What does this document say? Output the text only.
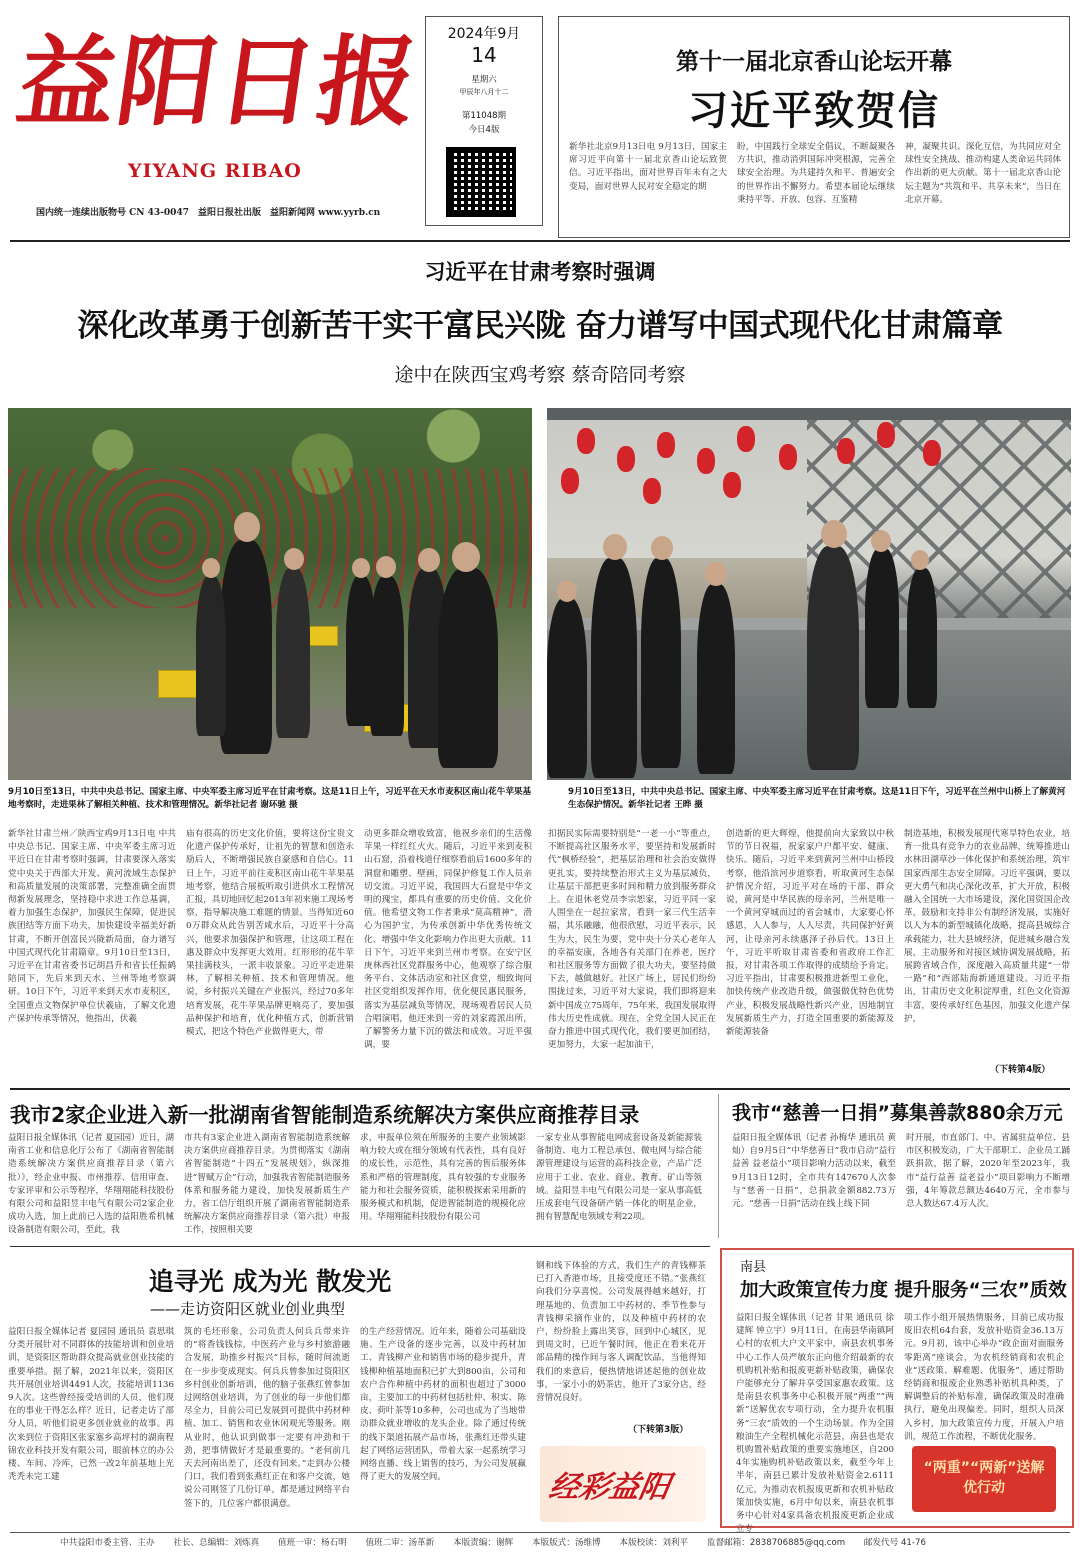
益
阳
日
报
YIYANG RIBAO
国内统一连续出版物号 CN 43-0047　益阳日报社出版　益阳新闻网 www.yyrb.cn
2024年9月
14
星期六
甲辰年八月十二
第11048期
今日4版
第十一届北京香山论坛开幕
习近平致贺信
新华社北京9月13日电 9月13日，国家主席习近平向第十一届北京香山论坛致贺信。习近平指出，面对世界百年未有之大变局，面对世界人民对安全稳定的期
盼，中国践行全球安全倡议，不断凝聚各方共识，推动消弭国际冲突根源，完善全球安全治理。为共建持久和平、普遍安全的世界作出不懈努力。希望本届论坛继续秉持平等、开放、包容、互鉴精
神，凝聚共识、深化互信，为共同应对全球性安全挑战、推动构建人类命运共同体作出新的更大贡献。第十一届北京香山论坛主题为“共筑和平、共享未来”，当日在北京开幕。
习近平在甘肃考察时强调
深化改革勇于创新苦干实干富民兴陇 奋力谱写中国式现代化甘肃篇章
途中在陕西宝鸡考察 蔡奇陪同考察
9月10日至13日，中共中央总书记、国家主席、中央军委主席习近平在甘肃考察。这是11日上午，习近平在天水市麦积区南山花牛苹果基地考察时，走进果林了解相关种植、技术和管理情况。新华社记者 谢环驰 摄
9月10日至13日，中共中央总书记、国家主席、中央军委主席习近平在甘肃考察。这是11日下午，习近平在兰州中山桥上了解黄河生态保护情况。新华社记者 王晔 摄
新华社甘肃兰州／陕西宝鸡9月13日电 中共中央总书记、国家主席、中央军委主席习近平近日在甘肃考察时强调，甘肃要深入落实党中央关于西部大开发、黄河流域生态保护和高质量发展的决策部署，完整准确全面贯彻新发展理念，坚持稳中求进工作总基调，着力加强生态保护，加强民生保障，促进民族团结等方面下功夫，加快建设幸福美好新甘肃，不断开创富民兴陇新局面，奋力谱写中国式现代化甘肃篇章。9月10日至13日，习近平在甘肃省委书记胡昌升和省长任振鹤陪同下，先后来到天水、兰州等地考察调研。10日下午，习近平来到天水市麦积区，全国重点文物保护单位伏羲庙，了解文化遗产保护传承等情况，他指出，伏羲
庙有很高的历史文化价值，要将这份宝贵文化遗产保护传承好，让祖先的智慧和创造永励后人，不断增强民族自豪感和自信心。11日上午，习近平前往麦积区南山花牛苹果基地考察，他结合展板听取引进供水工程情况汇报，具切地回忆起2013年初来施工现场考察，指导解决施工难题的情景。当得知近600万群众从此告别苦咸水后，习近平十分高兴，他要求加强保护和管理，让这项工程在惠及群众中发挥更大效用。红形形的花牛苹果挂满枝头，一派丰收景象。习近平走进果林，了解相关种植、技术和管理情况。他说，乡村振兴关键在产业振兴，经过70多年培育发展，花牛苹果品牌更响亮了，要加强品种保护和培育，优化种植方式，创新营销模式，把这个特色产业做得更大，带
动更多群众增收致富，他祝乡亲们的生活像苹果一样红红火火。随后，习近平来到麦积山石窟，沿着栈道仔细察看前后1600多年的洞窟和雕塑、壁画，同保护修复工作人员亲切交流。习近平说，我国四大石窟是中华文明的瑰宝，都具有重要的历史价值、文化价值。他希望文物工作者秉承“莫高精神”，潜心为国护宝，为传承创新中华优秀传统文化、增强中华文化影响力作出更大贡献。11日下午，习近平来到兰州市考察。在安宁区庚林西社区党群服务中心，他观察了综合服务平台、文体活动室和社区食堂，细致询问社区党组织发挥作用，优化便民惠民服务，落实为基层减负等情况，现场观看居民人员合唱演唱，他还来到一旁的刘家霞派出所，了解警务力量下沉的做法和成效。习近平强调，要
扣据民实际需要特别是“一老一小”等重点，不断提高社区服务水平，要坚持和发展新时代“枫桥经验”，把基层治理和社会治安做得更扎实，要持续整治形式主义为基层减负，让基层干部把更多时间和精力放到服务群众上。在退休老党员李宗恕家，习近平同一家人围坐在一起拉家常，看到一家三代生活幸福，其乐融融，他很欣慰，习近平表示，民生为大，民生为要，党中央十分关心老年人的幸福安康，各地各有关部门在养老，医疗和社区服务等方面做了很大功夫，要坚持做下去，越做越好。社区广场上，居民们纷纷围拢过来，习近平对大家说，我们即将迎来新中国成立75周年，75年来，我国发展取得伟大历史性成就。现在，全党全国人民正在奋力推进中国式现代化，我们要更加团结，更加努力，大家一起加油干，
创造新的更大辉煌，他提前向大家致以中秋节的节日祝福，祝家家户户都平安、健康、快乐。随后，习近平来到黄河兰州中山桥段考察，他沿滨河步道察看，听取黄河生态保护情况介绍，习近平对在场的干部、群众说，黄河是中华民族的母亲河，兰州是唯一一个黄河穿城而过的省会城市，大家要心怀感恩，人人参与，人人尽责，共同保护好黄河，让母亲河永续惠泽子孙后代。13日上午，习近平听取甘肃省委和省政府工作汇报，对甘肃各项工作取得的成绩给予肯定。习近平指出，甘肃要积极推进新型工业化，加快传统产业改造升级，做强做优特色优势产业，积极发展战略性新兴产业，因地制宜发展新质生产力，打造全国重要的新能源及新能源装备
制造基地，积极发展现代寒旱特色农业，培育一批具有竞争力的农业品牌，统筹推进山水林田湖草沙一体化保护和系统治理，筑牢国家西部生态安全屏障。习近平强调，要以更大勇气和决心深化改革，扩大开放，积极融入全国统一大市场建设，深化国资国企改革，鼓励和支持非公有制经济发展，实施好以人为本的新型城镇化战略，提高县城综合承载能力，壮大县域经济，促进城乡融合发展，主动服务和对接区域协调发展战略，拓展跨省域合作，深度融入高质量共建“一带一路”和“西部陆海新通道建设。习近平指出，甘肃历史文化积淀厚重，红色文化资源丰富，要传承好红色基因，加强文化遗产保护，
（下转第4版）
我市2家企业进入新一批湖南省智能制造系统解决方案供应商推荐目录
益阳日报全媒体讯（记者 夏园园）近日，湖南省工业和信息化厅公布了《湖南省智能制造系统解决方案供应商推荐目录（第六批）》，经企业申报、市州推荐、信用审查、专家评审和公示等程序，华翔翔能科技股份有限公司和益阳昱丰电气有限公司2家企业成功入选，加上此前已入选的益阳胜希机械设备制造有限公司，至此，我
市共有3家企业进入湖南省智能制造系统解决方案供应商推荐目录。为贯彻落实《湖南省智能制造“十四五”发展规划》，纵深推进“智赋万企”行动，加强我省智能制造服务体系和服务能力建设，加快发展新质生产力，省工信厅组织开展了湖南省智能制造系统解决方案供应商推荐目录（第六批）申报工作，按照相关要
求，申报单位须在所服务的主要产业领域影响力较大或在细分领域有代表性，具有良好的成长性，示范性，具有完善的售后服务体系和严格的管理制度，具有较强的专业服务能力和社会服务资质，能积极探索采用新的服务模式和机制，促进智能制造的规模化应用。华翔翔能科技股份有限公司
一家专业从事智能电网成套设备及新能源装备制造、电力工程总承包、微电网与综合能源管理建设与运营的高科技企业，产品广泛应用于工业、农业、商业、教育、矿山等领域。益阳昱丰电气有限公司是一家从事高低压成套电气设备研产销一体化的明星企业，拥有智慧配电领域专利22项。
我市“慈善一日捐”募集善款880余万元
益阳日报全媒体讯（记者 孙梅华 通讯员 黄灿）自9月5日“中华慈善日”我市启动“益行益善 益老益小”项目影响力活动以来，截至9月13日12时，全市共有147670人次参与“慈善一日捐”，总捐款金额882.73万元。“慈善一日捐”活动在线上线下同
时开展，市直部门、中、省属驻益单位、县市区积极发动，广大干部职工、企业员工踊跃捐款，据了解，2020年至2023年，我市“益行益善 益老益小”项目影响力不断增强，4年筹款总额达4640万元，全市参与总人数达67.4万人次。
追寻光 成为光 散发光
——走访资阳区就业创业典型
益阳日报全媒体记者 夏园园 通讯员 袁思琪 分类开展针对不同群体的技能培训和创业培训，是资阳区帮助群众提高就业创业技能的重要举措。据了解，2021年以来，资阳区共开展创业培训4491人次，技能培训11369人次。这些曾经接受培训的人员，他们现在的事业干得怎么样？近日，记者走访了部分人员，听他们说更多创业就业的故事。再次来到位于资阳区张家塞乡高坪村的湖南程锦农业科技开发有限公司，眼前林立的办公楼、车间、冷库，已然一改2年前基地上光秃秃未完工建
筑的毛坯形象，公司负责人何兵兵带来许的“将香钱钱棕，中医药产业与乡村旅游融合发展，助推乡村振兴”目标，随时间流逝在一步步变成现实。何兵兵曾参加过资阳区乡村创业创新培训，他的脑子张燕红曾参加过网络创业培训，为了创业的每一步他们都尽全力，目前公司已发展到可提供中药材种植、加工、销售和农业休闲观光等服务。刚从业时，他认识到做事一定要有冲劲和干劲，把事情做好才是最重要的。“老何前几天去河南出差了，还没有回来。”走到办公楼门口，我们看到张燕红正在和客户交流，她说公司刚签了几份订单，都是通过网络平台签下的，几位客户都很满意。
的生产经营情况。近年来，随着公司基础设施、生产设备的逐步完善，以及中药材加工、青钱柳产业和销售市场的稳步提升，青钱柳种植基地面积已扩大到800亩，公司和农户合作种植中药材的面积也超过了3000亩，主要加工的中药材包括杜仲、积实、陈皮、荷叶茶等10多种，公司也成为了当地带动群众就业增收的龙头企业。除了通过传统的线下渠道拓展产品市场，张燕红还带头建起了网络运营团队，带着大家一起系统学习网络直播、线上销售的技巧，为公司发展赢得了更大的发展空间。
钢和线下体验的方式，我们生产的青钱柳茶已打入香港市场，且接受度还不错。”张燕红向我们分享喜悦。公司发展得越来越好，打理基地的、负责加工中药材的、季节性参与青钱柳采摘作业的，以及种植中药材的农户，纷纷脸上露出笑容，回到中心城区，见到周文时，已近午餐时间，他正在看来花开部品精的操作间与客人调配饮品，当他得知我们的来意后，便热情地讲述起他的创业故事，一家小小的奶茶店，他开了3家分店，经营情况良好。
（下转第3版）
经彩益阳
南县
加大政策宣传力度 提升服务“三农”质效
益阳日报全媒体讯（记者 甘果 通讯员 徐建辉 钟立宇）9月11日，在南县华南镇阿心村的农机大户文平家中，南县农机事务中心工作人员严敏东正向他介绍最新的农机购机补贴和报废更新补贴政策，确保农户能够充分了解并享受国家惠农政策。这是南县农机事务中心积极开展“两重”“两新”送解优农专项行动，全力提升农机服务“三农”质效的一个生动场景。作为全国粮油生产全程机械化示范县，南县也是农机购置补贴政策的重要实施地区，自2004年实施购机补贴政策以来，截至今年上半年，南县已累计发放补贴资金2.6111亿元，为推动农机报废更新和农机补贴政策加快实施，6月中旬以来，南县农机事务中心针对4家具备农机报废更新企业成立专
项工作小组开展热情服务，目前已成功报废旧农机64台套，发放补贴资金36.13万元。9月初，该中心举办“政企面对面服务零距离”座谈会，为农机经销商和农机企业“送政策、解难题、优服务”，通过帮助经销商和报废企业熟悉补贴机具种类，了解调整后的补贴标准，确保政策及时准确执行，避免出现偏差。同时，组织人员深入乡村，加大政策宣传力度，开展入户培训，规范工作流程，不断优化服务。
“两重”“两新”送解优行动
中共益阳市委主管、主办 社长、总编辑：刘炼真 值班一审：杨石明 值班二审：汤革新 本版责编：谢辉 本版版式：汤维博 本版校读：刘利平 监督邮箱：2838706885@qq.com 邮发代号 41-76
